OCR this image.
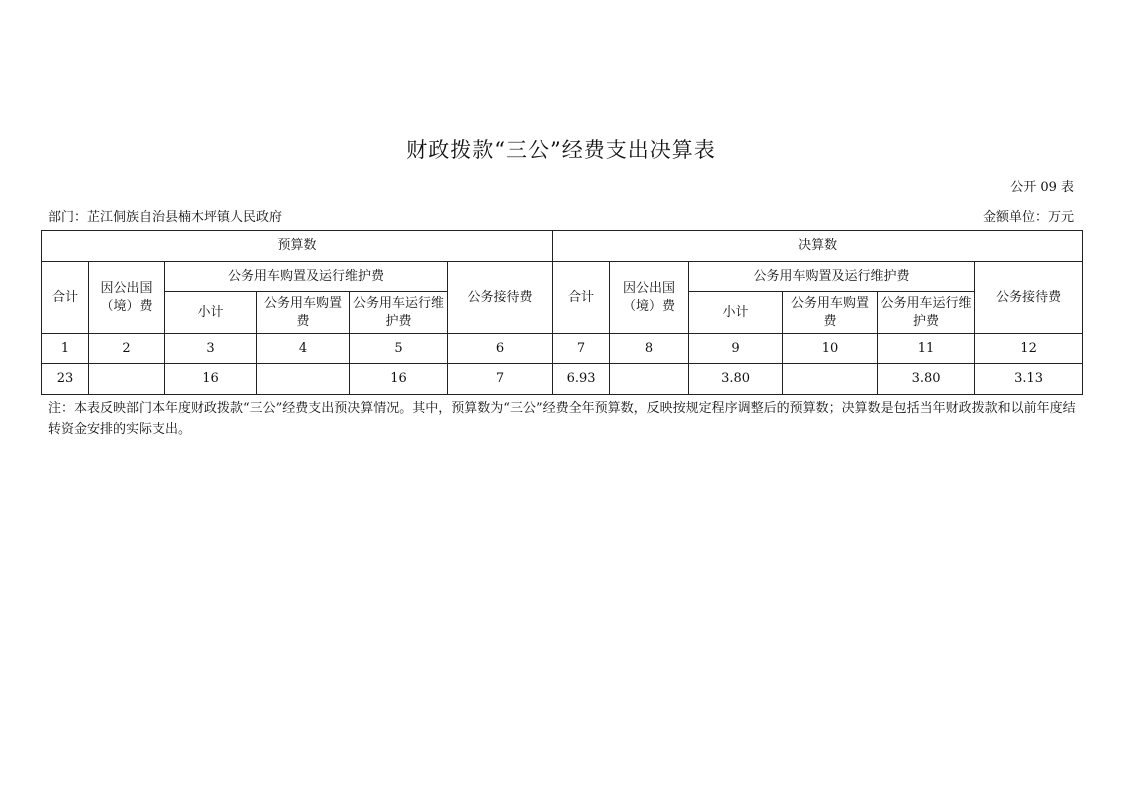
财政拨款“三公”经费支出决算表
公开 09 表
部门：芷江侗族自治县楠木坪镇人民政府	金额单位：万元
预算数						决算数					
合计	因公出国（境）费	公务用车购置及运行维护费			公务接待费	合计	因公出国（境）费	公务用车购置及运行维护费			公务接待费
		小计	公务用车购置费	公务用车运行维护费				小计	公务用车购置费	公务用车运行维护费	
1	2	3	4	5	6	7	8	9	10	11	12
23		16		16	7	6.93		3.80		3.80	3.13
注：本表反映部门本年度财政拨款“三公”经费支出预决算情况。其中，预算数为“三公”经费全年预算数，反映按规定程序调整后的预算数；决算数是包括当年财政拨款和以前年度结转资金安排的实际支出。
